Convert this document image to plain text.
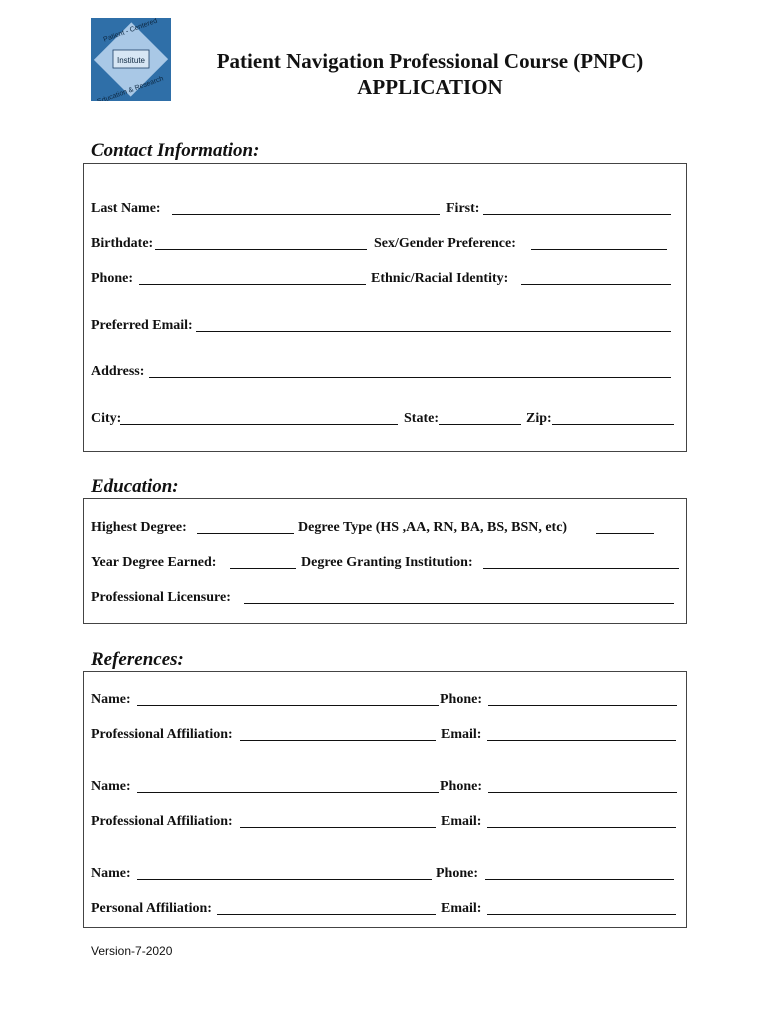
Institute
Patient - Centered
Education & Research
Patient Navigation Professional Course (PNPC)
APPLICATION
Contact Information:
Last Name:	First:
Birthdate:	Sex/Gender Preference:
Phone:	Ethnic/Racial Identity:
Preferred Email:
Address:
City:	State:	Zip:
Education:
Highest Degree:	Degree Type (HS ,AA, RN, BA, BS, BSN, etc)
Year Degree Earned:	Degree Granting Institution:
Professional Licensure:
References:
Name:	Phone:
Professional Affiliation:	Email:
Name:	Phone:
Professional Affiliation:	Email:
Name:	Phone:
Personal Affiliation:	Email:
Version-7-2020
